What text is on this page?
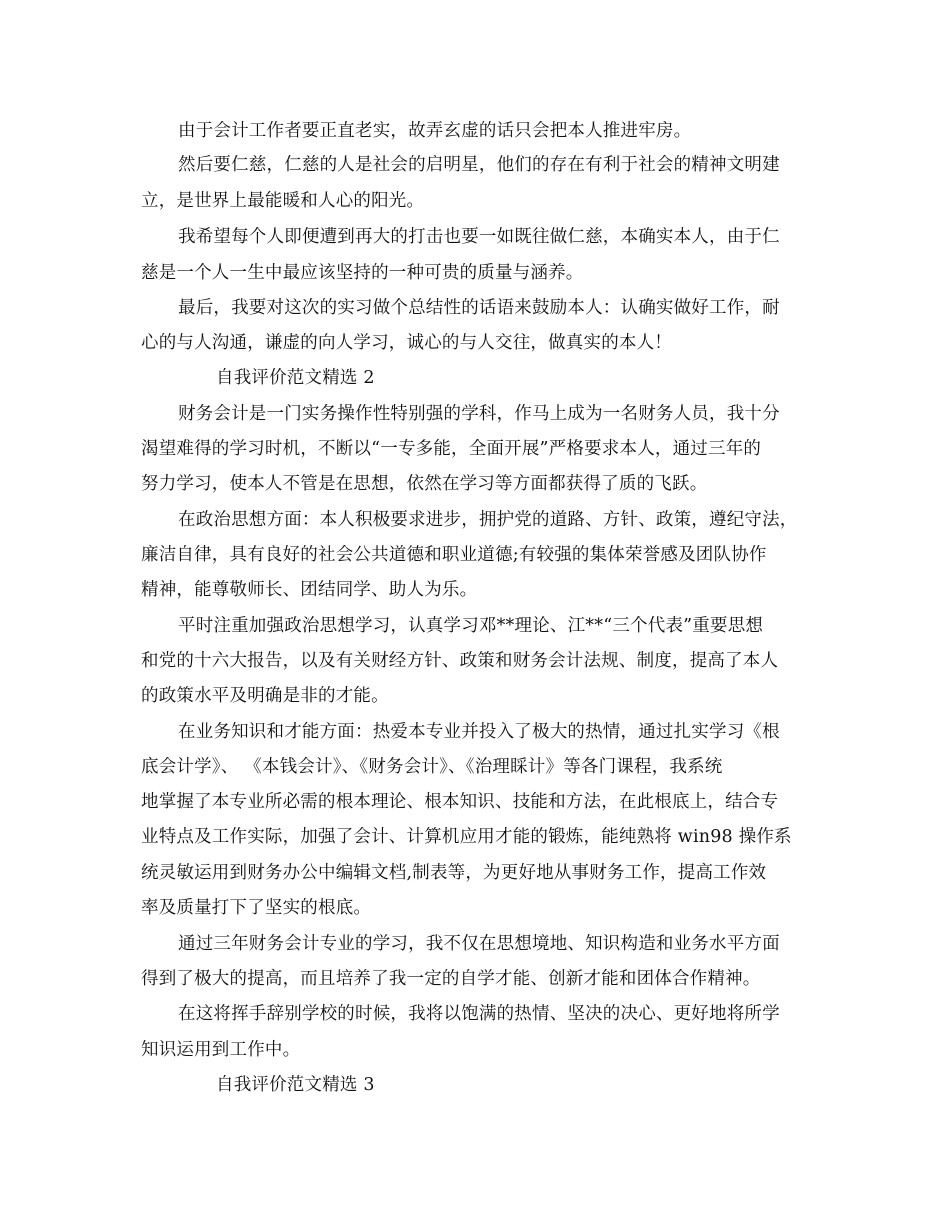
由于会计工作者要正直老实，故弄玄虚的话只会把本人推进牢房。
然后要仁慈，仁慈的人是社会的启明星，他们的存在有利于社会的精神文明建
立，是世界上最能暖和人心的阳光。
我希望每个人即便遭到再大的打击也要一如既往做仁慈，本确实本人，由于仁
慈是一个人一生中最应该坚持的一种可贵的质量与涵养。
最后，我要对这次的实习做个总结性的话语来鼓励本人：认确实做好工作，耐
心的与人沟通，谦虚的向人学习，诚心的与人交往，做真实的本人！
自我评价范文精选 2
财务会计是一门实务操作性特别强的学科，作马上成为一名财务人员，我十分
渴望难得的学习时机，不断以“一专多能，全面开展”严格要求本人，通过三年的
努力学习，使本人不管是在思想，依然在学习等方面都获得了质的飞跃。
在政治思想方面：本人积极要求进步，拥护党的道路、方针、政策，遵纪守法，
廉洁自律，具有良好的社会公共道德和职业道德;有较强的集体荣誉感及团队协作
精神，能尊敬师长、团结同学、助人为乐。
平时注重加强政治思想学习，认真学习邓**理论、江**“三个代表”重要思想
和党的十六大报告，以及有关财经方针、政策和财务会计法规、制度，提高了本人
的政策水平及明确是非的才能。
在业务知识和才能方面：热爱本专业并投入了极大的热情，通过扎实学习《根
底会计学》、 《本钱会计》、《财务会计》、《治理睬计》等各门课程，我系统
地掌握了本专业所必需的根本理论、根本知识、技能和方法，在此根底上，结合专
业特点及工作实际，加强了会计、计算机应用才能的锻炼，能纯熟将 win98 操作系
统灵敏运用到财务办公中编辑文档,制表等，为更好地从事财务工作，提高工作效
率及质量打下了坚实的根底。
通过三年财务会计专业的学习，我不仅在思想境地、知识构造和业务水平方面
得到了极大的提高，而且培养了我一定的自学才能、创新才能和团体合作精神。
在这将挥手辞别学校的时候，我将以饱满的热情、坚决的决心、更好地将所学
知识运用到工作中。
自我评价范文精选 3
